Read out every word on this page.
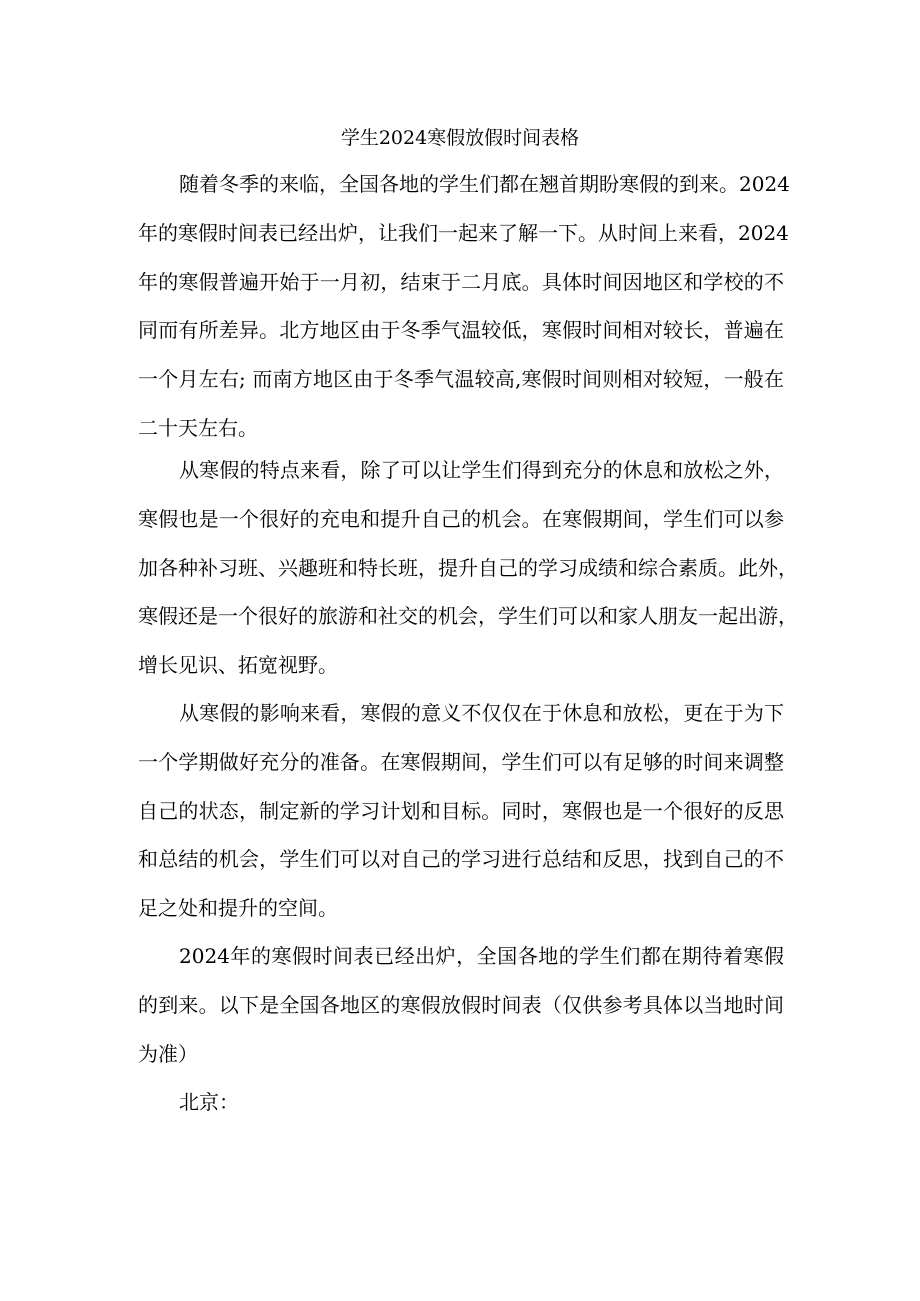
学生2024寒假放假时间表格
随着冬季的来临，全国各地的学生们都在翘首期盼寒假的到来。2024
年的寒假时间表已经出炉，让我们一起来了解一下。从时间上来看，2024
年的寒假普遍开始于一月初，结束于二月底。具体时间因地区和学校的不
同而有所差异。北方地区由于冬季气温较低，寒假时间相对较长，普遍在
一个月左右; 而南方地区由于冬季气温较高,寒假时间则相对较短，一般在
二十天左右。
从寒假的特点来看，除了可以让学生们得到充分的休息和放松之外，
寒假也是一个很好的充电和提升自己的机会。在寒假期间，学生们可以参
加各种补习班、兴趣班和特长班，提升自己的学习成绩和综合素质。此外，
寒假还是一个很好的旅游和社交的机会，学生们可以和家人朋友一起出游，
增长见识、拓宽视野。
从寒假的影响来看，寒假的意义不仅仅在于休息和放松，更在于为下
一个学期做好充分的准备。在寒假期间，学生们可以有足够的时间来调整
自己的状态，制定新的学习计划和目标。同时，寒假也是一个很好的反思
和总结的机会，学生们可以对自己的学习进行总结和反思，找到自己的不
足之处和提升的空间。
2024年的寒假时间表已经出炉，全国各地的学生们都在期待着寒假
的到来。以下是全国各地区的寒假放假时间表（仅供参考具体以当地时间
为准）
北京：
